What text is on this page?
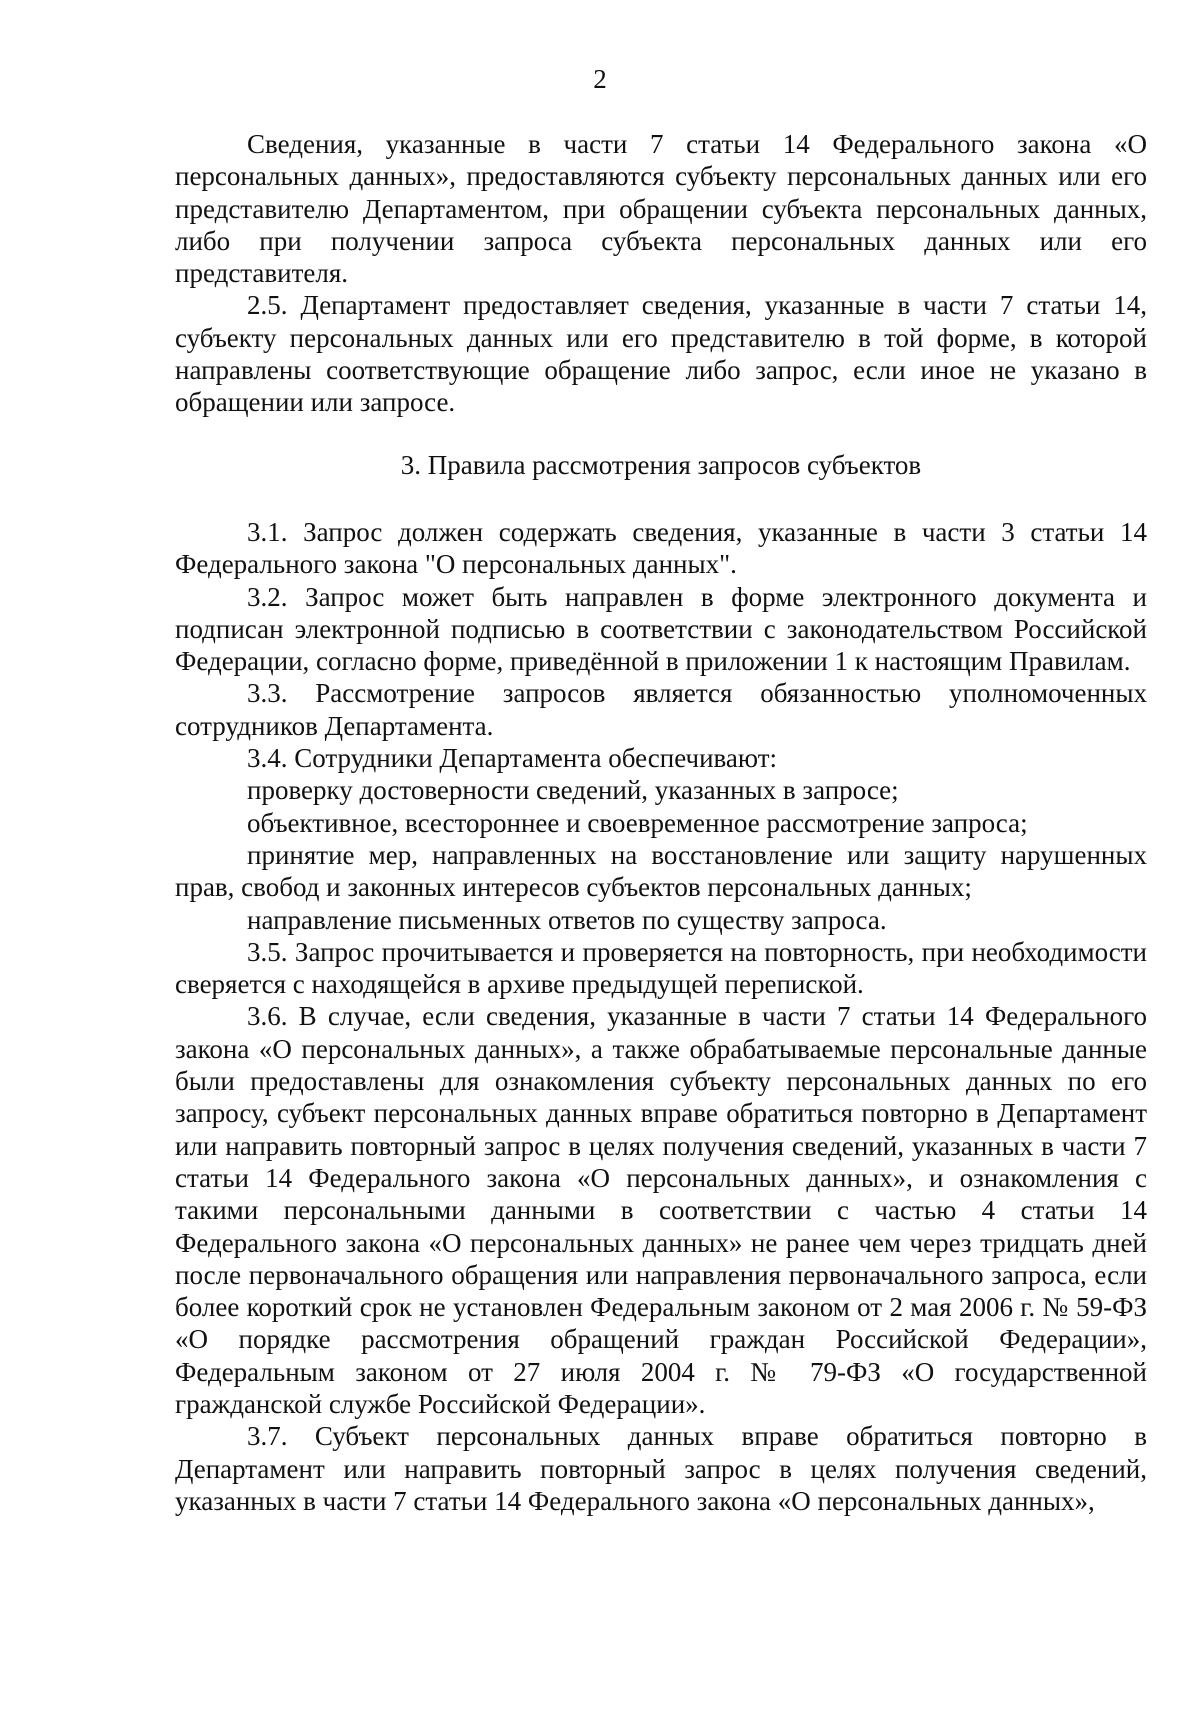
2

Сведения, указанные в части 7 статьи 14 Федерального закона «О персональных данных», предоставляются субъекту персональных данных или его представителю Департаментом, при обращении субъекта персональных данных, либо при получении запроса субъекта персональных данных или его представителя.

2.5. Департамент предоставляет сведения, указанные в части 7 статьи 14, субъекту персональных данных или его представителю в той форме, в которой направлены соответствующие обращение либо запрос, если иное не указано в обращении или запросе.

3. Правила рассмотрения запросов субъектов

3.1. Запрос должен содержать сведения, указанные в части 3 статьи 14 Федерального закона "О персональных данных".

3.2. Запрос может быть направлен в форме электронного документа и подписан электронной подписью в соответствии с законодательством Российской Федерации, согласно форме, приведённой в приложении 1 к настоящим Правилам.

3.3. Рассмотрение запросов является обязанностью уполномоченных сотрудников Департамента.

3.4. Сотрудники Департамента обеспечивают:

проверку достоверности сведений, указанных в запросе;

объективное, всестороннее и своевременное рассмотрение запроса;

принятие мер, направленных на восстановление или защиту нарушенных прав, свобод и законных интересов субъектов персональных данных;

направление письменных ответов по существу запроса.

3.5. Запрос прочитывается и проверяется на повторность, при необходимости сверяется с находящейся в архиве предыдущей перепиской.

3.6. В случае, если сведения, указанные в части 7 статьи 14 Федерального закона «О персональных данных», а также обрабатываемые персональные данные были предоставлены для ознакомления субъекту персональных данных по его запросу, субъект персональных данных вправе обратиться повторно в Департамент или направить повторный запрос в целях получения сведений, указанных в части 7 статьи 14 Федерального закона «О персональных данных», и ознакомления с такими персональными данными в соответствии с частью 4 статьи 14 Федерального закона «О персональных данных» не ранее чем через тридцать дней после первоначального обращения или направления первоначального запроса, если более короткий срок не установлен Федеральным законом от 2 мая 2006 г. № 59-ФЗ «О порядке рассмотрения обращений граждан Российской Федерации», Федеральным законом от 27 июля 2004 г. № 79-ФЗ «О государственной гражданской службе Российской Федерации».

3.7. Субъект персональных данных вправе обратиться повторно в Департамент или направить повторный запрос в целях получения сведений, указанных в части 7 статьи 14 Федерального закона «О персональных данных»,
